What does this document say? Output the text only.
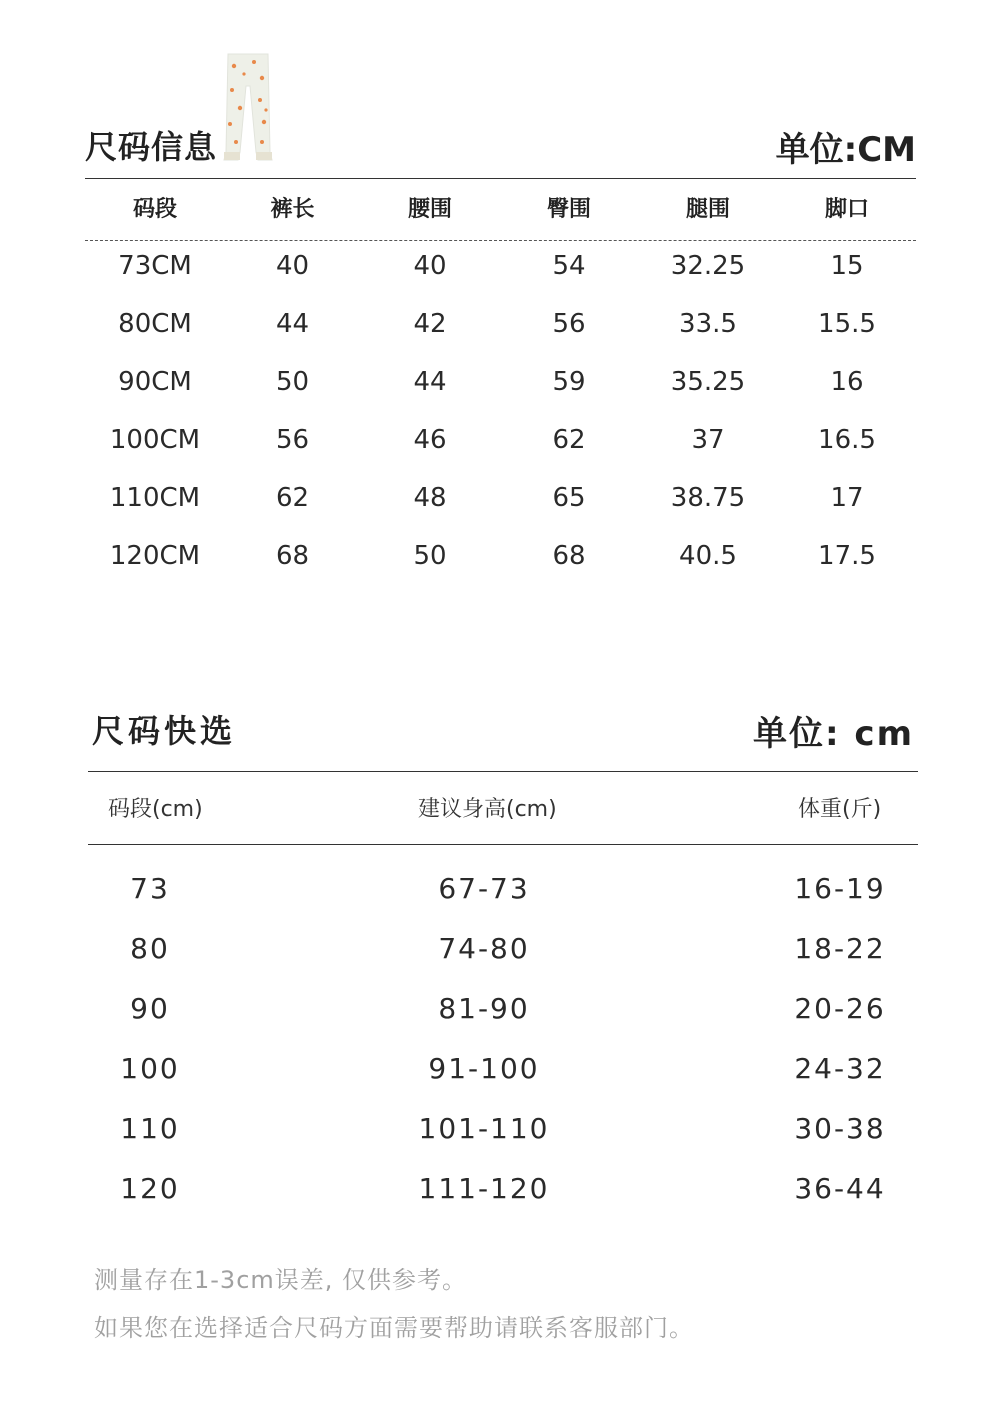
尺码信息	单位:CM
码段	裤长	腰围	臀围	腿围	脚口
73CM	40	40	54	32.25	15
80CM	44	42	56	33.5	15.5
90CM	50	44	59	35.25	16
100CM	56	46	62	37	16.5
110CM	62	48	65	38.75	17
120CM	68	50	68	40.5	17.5
尺码快选	单位: cm
码段(cm)	建议身高(cm)	体重(斤)
73	67-73	16-19
80	74-80	18-22
90	81-90	20-26
100	91-100	24-32
110	101-110	30-38
120	111-120	36-44
测量存在1-3cm误差, 仅供参考。
如果您在选择适合尺码方面需要帮助请联系客服部门。
